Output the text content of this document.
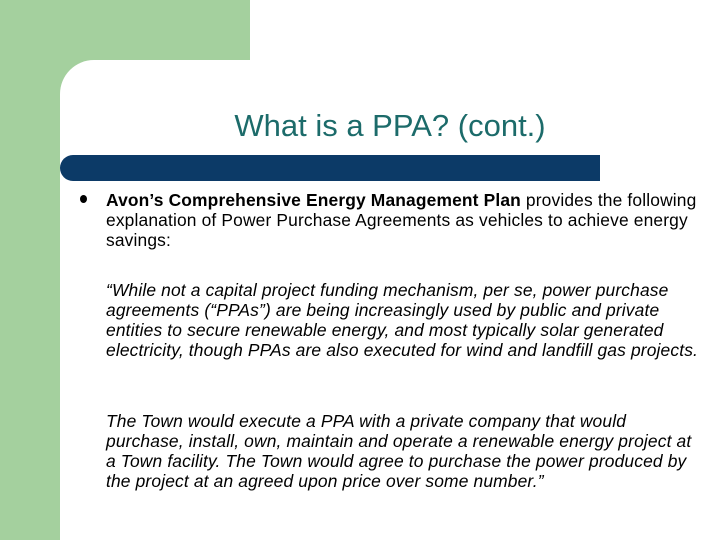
What is a PPA? (cont.)

Avon’s Comprehensive Energy Management Plan provides the following explanation of Power Purchase Agreements as vehicles to achieve energy savings:

“While not a capital project funding mechanism, per se, power purchase agreements (“PPAs”) are being increasingly used by public and private entities to secure renewable energy, and most typically solar generated electricity, though PPAs are also executed for wind and landfill gas projects.

The Town would execute a PPA with a private company that would purchase, install, own, maintain and operate a renewable energy project at a Town facility. The Town would agree to purchase the power produced by the project at an agreed upon price over some number.”
